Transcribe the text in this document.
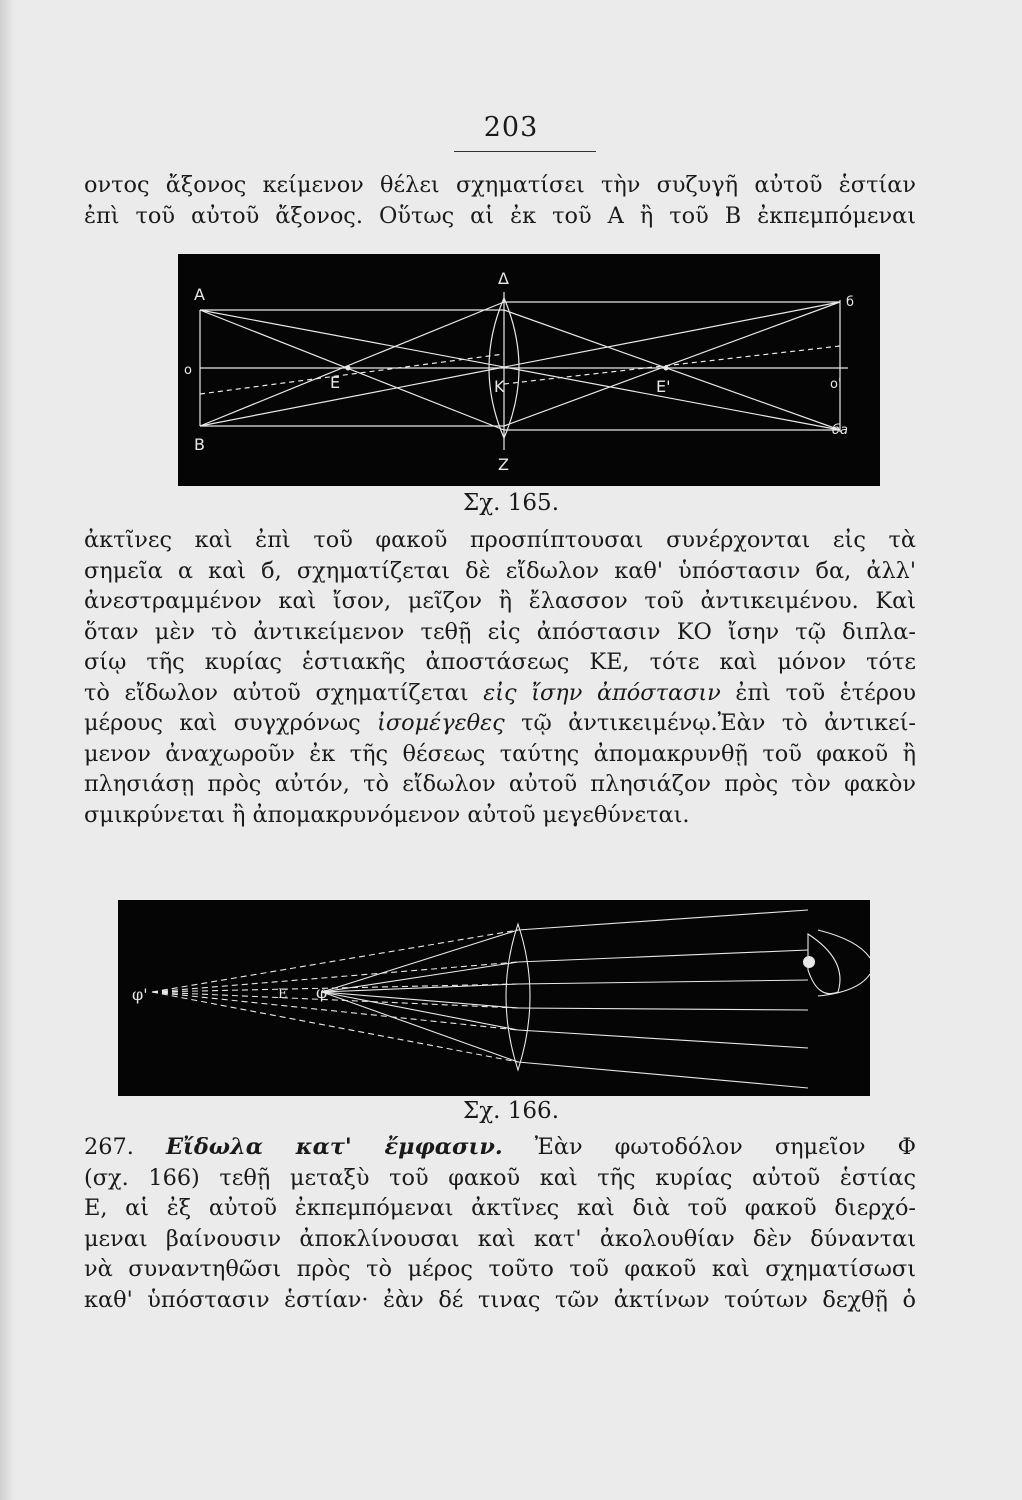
203
οντος ἄξονος κείμενον θέλει σχηματίσει τὴν συζυγῆ αὐτοῦ ἑστίαν
ἐπὶ τοῦ αὐτοῦ ἄξονος. Οὕτως αἱ ἐκ τοῦ Α ἢ τοῦ Β ἐκπεμπόμεναι
A
B
Δ
Z
K
E	E'
o
o'
б
ба
Σχ. 165.
ἀκτῖνες καὶ ἐπὶ τοῦ φακοῦ προσπίπτουσαι συνέρχονται εἰς τὰ
σημεῖα α καὶ б, σχηματίζεται δὲ εἴδωλον καθ' ὑπόστασιν бα, ἀλλ'
ἀνεστραμμένον καὶ ἴσον, μεῖζον ἢ ἔλασσον τοῦ ἀντικειμένου. Καὶ
ὅταν μὲν τὸ ἀντικείμενον τεθῇ εἰς ἀπόστασιν ΚΟ ἴσην τῷ διπλα-
σίῳ τῆς κυρίας ἑστιακῆς ἀποστάσεως ΚΕ, τότε καὶ μόνον τότε
τὸ εἴδωλον αὐτοῦ σχηματίζεται εἰς ἴσην ἀπόστασιν ἐπὶ τοῦ ἑτέρου
μέρους καὶ συγχρόνως ἰσομέγεθες τῷ ἀντικειμένῳ.Ἐὰν τὸ ἀντικεί-
μενον ἀναχωροῦν ἐκ τῆς θέσεως ταύτης ἀπομακρυνθῇ τοῦ φακοῦ ἢ
πλησιάσῃ πρὸς αὐτόν, τὸ εἴδωλον αὐτοῦ πλησιάζον πρὸς τὸν φακὸν
σμικρύνεται ἢ ἀπομακρυνόμενον αὐτοῦ μεγεθύνεται.
φ'	E φ
Σχ. 166.
267. Εἴδωλα κατ' ἔμφασιν. Ἐὰν φωτοδόλον σημεῖον Φ
(σχ. 166) τεθῇ μεταξὺ τοῦ φακοῦ καὶ τῆς κυρίας αὐτοῦ ἑστίας
Ε, αἱ ἐξ αὐτοῦ ἐκπεμπόμεναι ἀκτῖνες καὶ διὰ τοῦ φακοῦ διερχό-
μεναι βαίνουσιν ἀποκλίνουσαι καὶ κατ' ἀκολουθίαν δὲν δύνανται
νὰ συναντηθῶσι πρὸς τὸ μέρος τοῦτο τοῦ φακοῦ καὶ σχηματίσωσι
καθ' ὑπόστασιν ἑστίαν· ἐὰν δέ τινας τῶν ἀκτίνων τούτων δεχθῇ ὁ
